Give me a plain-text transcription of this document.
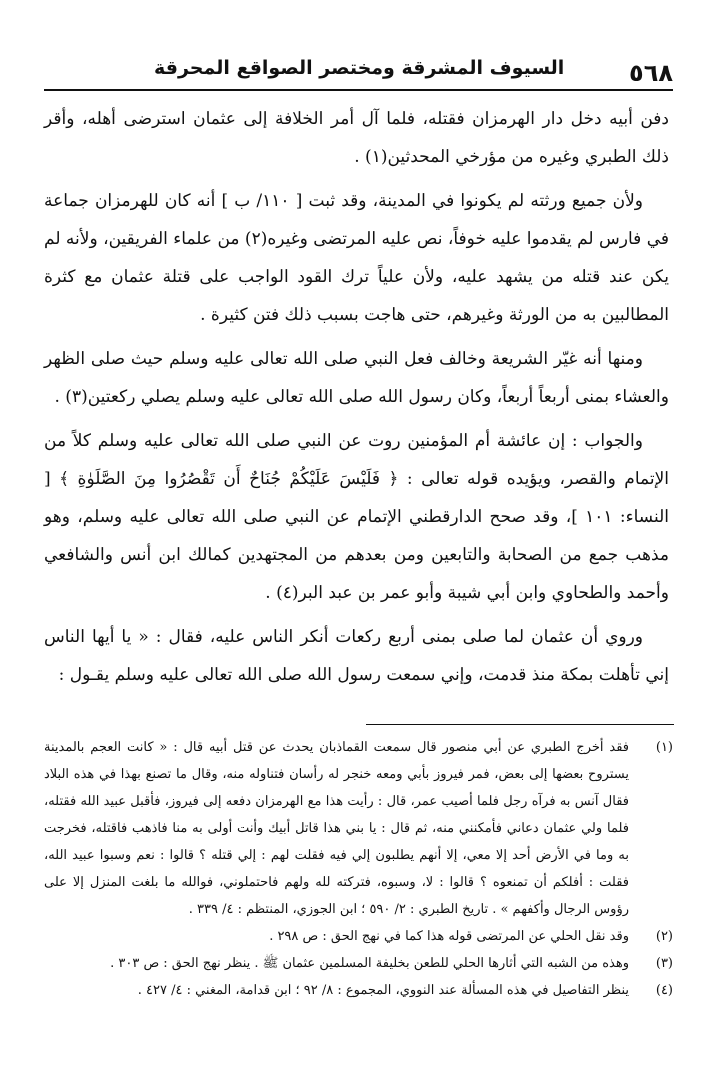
٥٦٨
السيوف المشرقة ومختصر الصواقع المحرقة

دفن أبيه دخل دار الهرمزان فقتله، فلما آل أمر الخلافة إلى عثمان استرضى أهله، وأقر ذلك الطبري وغيره من مؤرخي المحدثين(١) .

ولأن جميع ورثته لم يكونوا في المدينة، وقد ثبت [ ١١٠/ ب ] أنه كان للهرمزان جماعة في فارس لم يقدموا عليه خوفاً، نص عليه المرتضى وغيره(٢) من علماء الفريقين، ولأنه لم يكن عند قتله من يشهد عليه، ولأن علياً ترك القود الواجب على قتلة عثمان مع كثرة المطالبين به من الورثة وغيرهم، حتى هاجت بسبب ذلك فتن كثيرة .

ومنها أنه غيّر الشريعة وخالف فعل النبي صلى الله تعالى عليه وسلم حيث صلى الظهر والعشاء بمنى أربعاً أربعاً، وكان رسول الله صلى الله تعالى عليه وسلم يصلي ركعتين(٣) .

والجواب : إن عائشة أم المؤمنين روت عن النبي صلى الله تعالى عليه وسلم كلاً من الإتمام والقصر، ويؤيده قوله تعالى : ﴿ فَلَيْسَ عَلَيْكُمْ جُنَاحٌ أَن تَقْصُرُوا مِنَ الصَّلَوٰةِ ﴾ [ النساء: ١٠١ ]، وقد صحح الدارقطني الإتمام عن النبي صلى الله تعالى عليه وسلم، وهو مذهب جمع من الصحابة والتابعين ومن بعدهم من المجتهدين كمالك ابن أنس والشافعي وأحمد والطحاوي وابن أبي شيبة وأبو عمر بن عبد البر(٤) .

وروي أن عثمان لما صلى بمنى أربع ركعات أنكر الناس عليه، فقال : « يا أيها الناس إني تأهلت بمكة منذ قدمت، وإني سمعت رسول الله صلى الله تعالى عليه وسلم يقـول :

(١)
فقد أخرج الطبري عن أبي منصور قال سمعت القماذبان يحدث عن قتل أبيه قال : « كانت العجم بالمدينة يستروح بعضها إلى بعض، فمر فيروز بأبي ومعه خنجر له رأسان فتناوله منه، وقال ما تصنع بهذا في هذه البلاد فقال آنس به فرآه رجل فلما أصيب عمر، قال : رأيت هذا مع الهرمزان دفعه إلى فيروز، فأقبل عبيد الله فقتله، فلما ولي عثمان دعاني فأمكنني منه، ثم قال : يا بني هذا قاتل أبيك وأنت أولى به منا فاذهب فاقتله، فخرجت به وما في الأرض أحد إلا معي، إلا أنهم يطلبون إلي فيه فقلت لهم : إلي قتله ؟ قالوا : نعم وسبوا عبيد الله، فقلت : أفلكم أن تمنعوه ؟ قالوا : لا، وسبوه، فتركته لله ولهم فاحتملوني، فوالله ما بلغت المنزل إلا على رؤوس الرجال وأكفهم » . تاريخ الطبري : ٢/ ٥٩٠ ؛ ابن الجوزي، المنتظم : ٤/ ٣٣٩ .
(٢)
وقد نقل الحلي عن المرتضى قوله هذا كما في نهج الحق : ص ٢٩٨ .
(٣)
وهذه من الشبه التي أثارها الحلي للطعن بخليفة المسلمين عثمان ﷺ . ينظر نهج الحق : ص ٣٠٣ .
(٤)
ينظر التفاصيل في هذه المسألة عند النووي، المجموع : ٨/ ٩٢ ؛ ابن قدامة، المغني : ٤/ ٤٢٧ .
